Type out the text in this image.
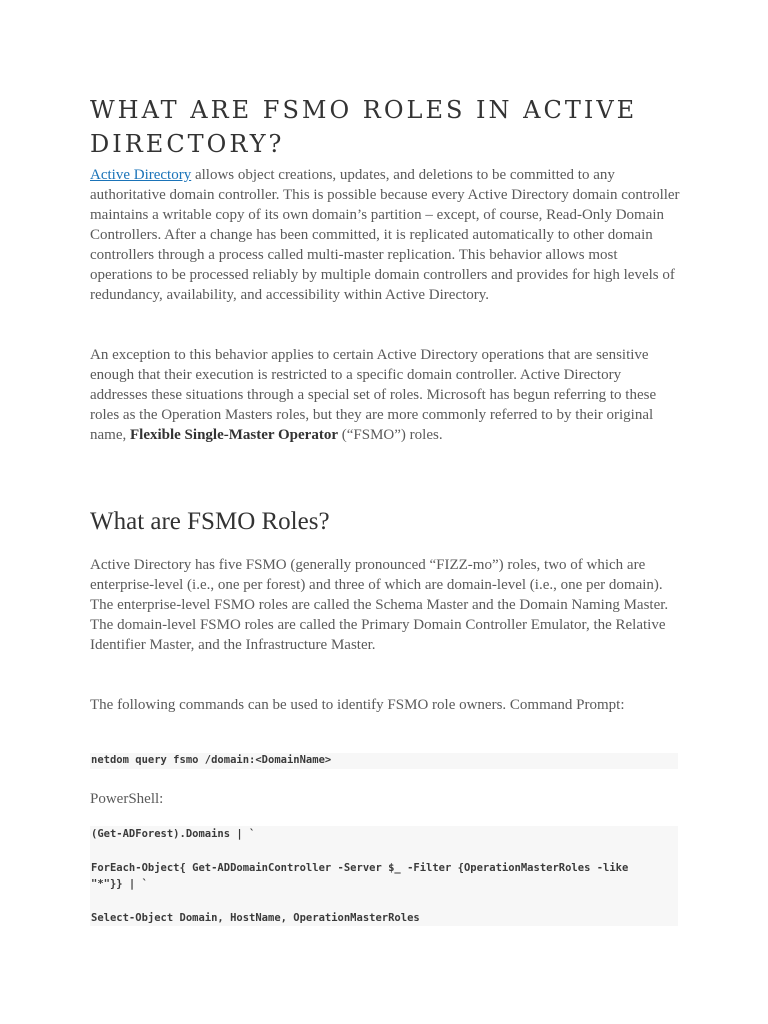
WHAT ARE FSMO ROLES IN ACTIVE DIRECTORY?

Active Directory allows object creations, updates, and deletions to be committed to any authoritative domain controller. This is possible because every Active Directory domain controller maintains a writable copy of its own domain’s partition – except, of course, Read-Only Domain Controllers. After a change has been committed, it is replicated automatically to other domain controllers through a process called multi-master replication. This behavior allows most operations to be processed reliably by multiple domain controllers and provides for high levels of redundancy, availability, and accessibility within Active Directory.

An exception to this behavior applies to certain Active Directory operations that are sensitive enough that their execution is restricted to a specific domain controller. Active Directory addresses these situations through a special set of roles. Microsoft has begun referring to these roles as the Operation Masters roles, but they are more commonly referred to by their original name, Flexible Single-Master Operator (“FSMO”) roles.

What are FSMO Roles?

Active Directory has five FSMO (generally pronounced “FIZZ-mo”) roles, two of which are enterprise-level (i.e., one per forest) and three of which are domain-level (i.e., one per domain). The enterprise-level FSMO roles are called the Schema Master and the Domain Naming Master. The domain-level FSMO roles are called the Primary Domain Controller Emulator, the Relative Identifier Master, and the Infrastructure Master.

The following commands can be used to identify FSMO role owners. Command Prompt:

netdom query fsmo /domain:<DomainName>

PowerShell:

(Get-ADForest).Domains | `
ForEach-Object{ Get-ADDomainController -Server $_ -Filter {OperationMasterRoles -like
"*"}} | `
Select-Object Domain, HostName, OperationMasterRoles
